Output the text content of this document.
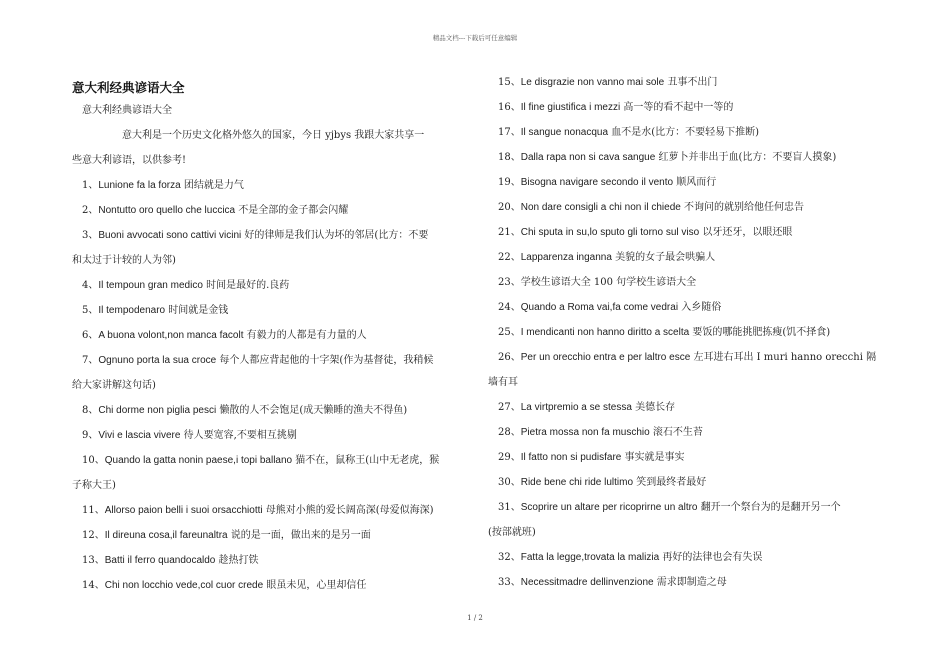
精品文档---下载后可任意编辑
意大利经典谚语大全

意大利经典谚语大全

意大利是一个历史文化格外悠久的国家，今日 yjbys 我跟大家共享一

些意大利谚语，以供参考!

1、Lunione fa la forza 团结就是力气

2、Nontutto oro quello che luccica 不是全部的金子都会闪耀

3、Buoni avvocati sono cattivi vicini 好的律师是我们认为坏的邻居(比方：不要

和太过于计较的人为邻)

4、Il tempoun gran medico 时间是最好的.良药

5、Il tempodenaro 时间就是金钱

6、A buona volont,non manca facolt 有毅力的人都是有力量的人

7、Ognuno porta la sua croce 每个人都应背起他的十字架(作为基督徒，我稍候

给大家讲解这句话)

8、Chi dorme non piglia pesci 懒散的人不会饱足(成天懒睡的渔夫不得鱼)

9、Vivi e lascia vivere 待人要宽容,不要相互挑剔

10、Quando la gatta nonin paese,i topi ballano 猫不在，鼠称王(山中无老虎，猴

子称大王)

11、Allorso paion belli i suoi orsacchiotti 母熊对小熊的爱长阔高深(母爱似海深)

12、Il direuna cosa,il fareunaltra 说的是一面，做出来的是另一面

13、Batti il ferro quandocaldo 趁热打铁

14、Chi non locchio vede,col cuor crede 眼虽未见，心里却信任

15、Le disgrazie non vanno mai sole 丑事不出门

16、Il fine giustifica i mezzi 高一等的看不起中一等的

17、Il sangue nonacqua 血不是水(比方：不要轻易下推断)

18、Dalla rapa non si cava sangue 红萝卜并非出于血(比方：不要盲人摸象)

19、Bisogna navigare secondo il vento 顺风而行

20、Non dare consigli a chi non il chiede 不询问的就别给他任何忠告

21、Chi sputa in su,lo sputo gli torno sul viso 以牙还牙，以眼还眼

22、Lapparenza inganna 美貌的女子最会哄骗人

23、学校生谚语大全 100 句学校生谚语大全

24、Quando a Roma vai,fa come vedrai 入乡随俗

25、I mendicanti non hanno diritto a scelta 要饭的哪能挑肥拣瘦(饥不择食)

26、Per un orecchio entra e per laltro esce 左耳进右耳出 I muri hanno orecchi 隔

墙有耳

27、La virtpremio a se stessa 美德长存

28、Pietra mossa non fa muschio 滚石不生苔

29、Il fatto non si pudisfare 事实就是事实

30、Ride bene chi ride lultimo 笑到最终者最好

31、Scoprire un altare per ricoprirne un altro 翻开一个祭台为的是翻开另一个

(按部就班)

32、Fatta la legge,trovata la malizia 再好的法律也会有失误

33、Necessitmadre dellinvenzione 需求即制造之母

1 / 2
